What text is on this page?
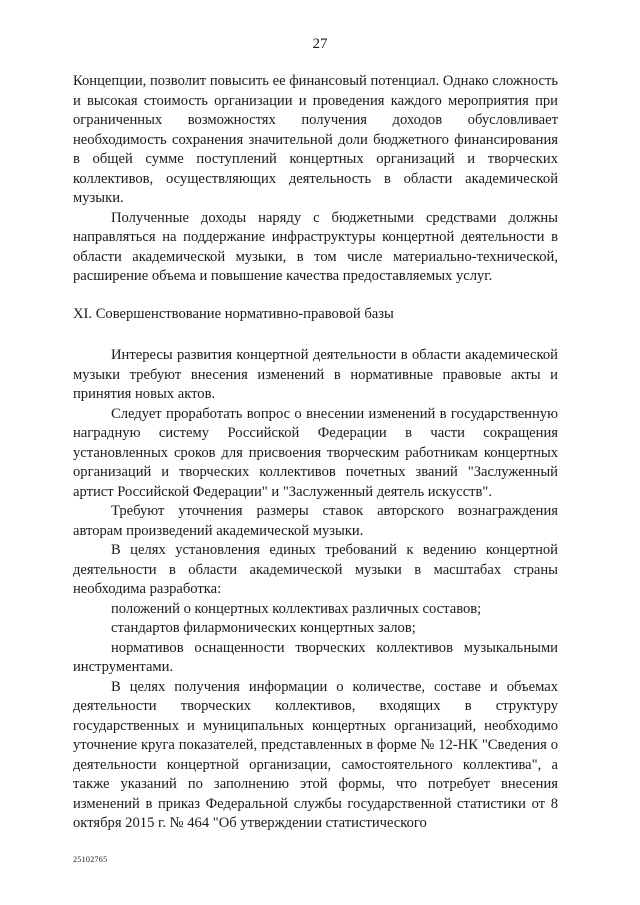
27

Концепции, позволит повысить ее финансовый потенциал. Однако сложность и высокая стоимость организации и проведения каждого мероприятия при ограниченных возможностях получения доходов обусловливает необходимость сохранения значительной доли бюджетного финансирования в общей сумме поступлений концертных организаций и творческих коллективов, осуществляющих деятельность в области академической музыки.

Полученные доходы наряду с бюджетными средствами должны направляться на поддержание инфраструктуры концертной деятельности в области академической музыки, в том числе материально-технической, расширение объема и повышение качества предоставляемых услуг.

XI. Совершенствование нормативно-правовой базы

Интересы развития концертной деятельности в области академической музыки требуют внесения изменений в нормативные правовые акты и принятия новых актов.

Следует проработать вопрос о внесении изменений в государственную наградную систему Российской Федерации в части сокращения установленных сроков для присвоения творческим работникам концертных организаций и творческих коллективов почетных званий "Заслуженный артист Российской Федерации" и "Заслуженный деятель искусств".

Требуют уточнения размеры ставок авторского вознаграждения авторам произведений академической музыки.

В целях установления единых требований к ведению концертной деятельности в области академической музыки в масштабах страны необходима разработка:

положений о концертных коллективах различных составов;

стандартов филармонических концертных залов;

нормативов оснащенности творческих коллективов музыкальными инструментами.

В целях получения информации о количестве, составе и объемах деятельности творческих коллективов, входящих в структуру государственных и муниципальных концертных организаций, необходимо уточнение круга показателей, представленных в форме № 12-НК "Сведения о деятельности концертной организации, самостоятельного коллектива", а также указаний по заполнению этой формы, что потребует внесения изменений в приказ Федеральной службы государственной статистики от 8 октября 2015 г. № 464 "Об утверждении статистического

25102765
